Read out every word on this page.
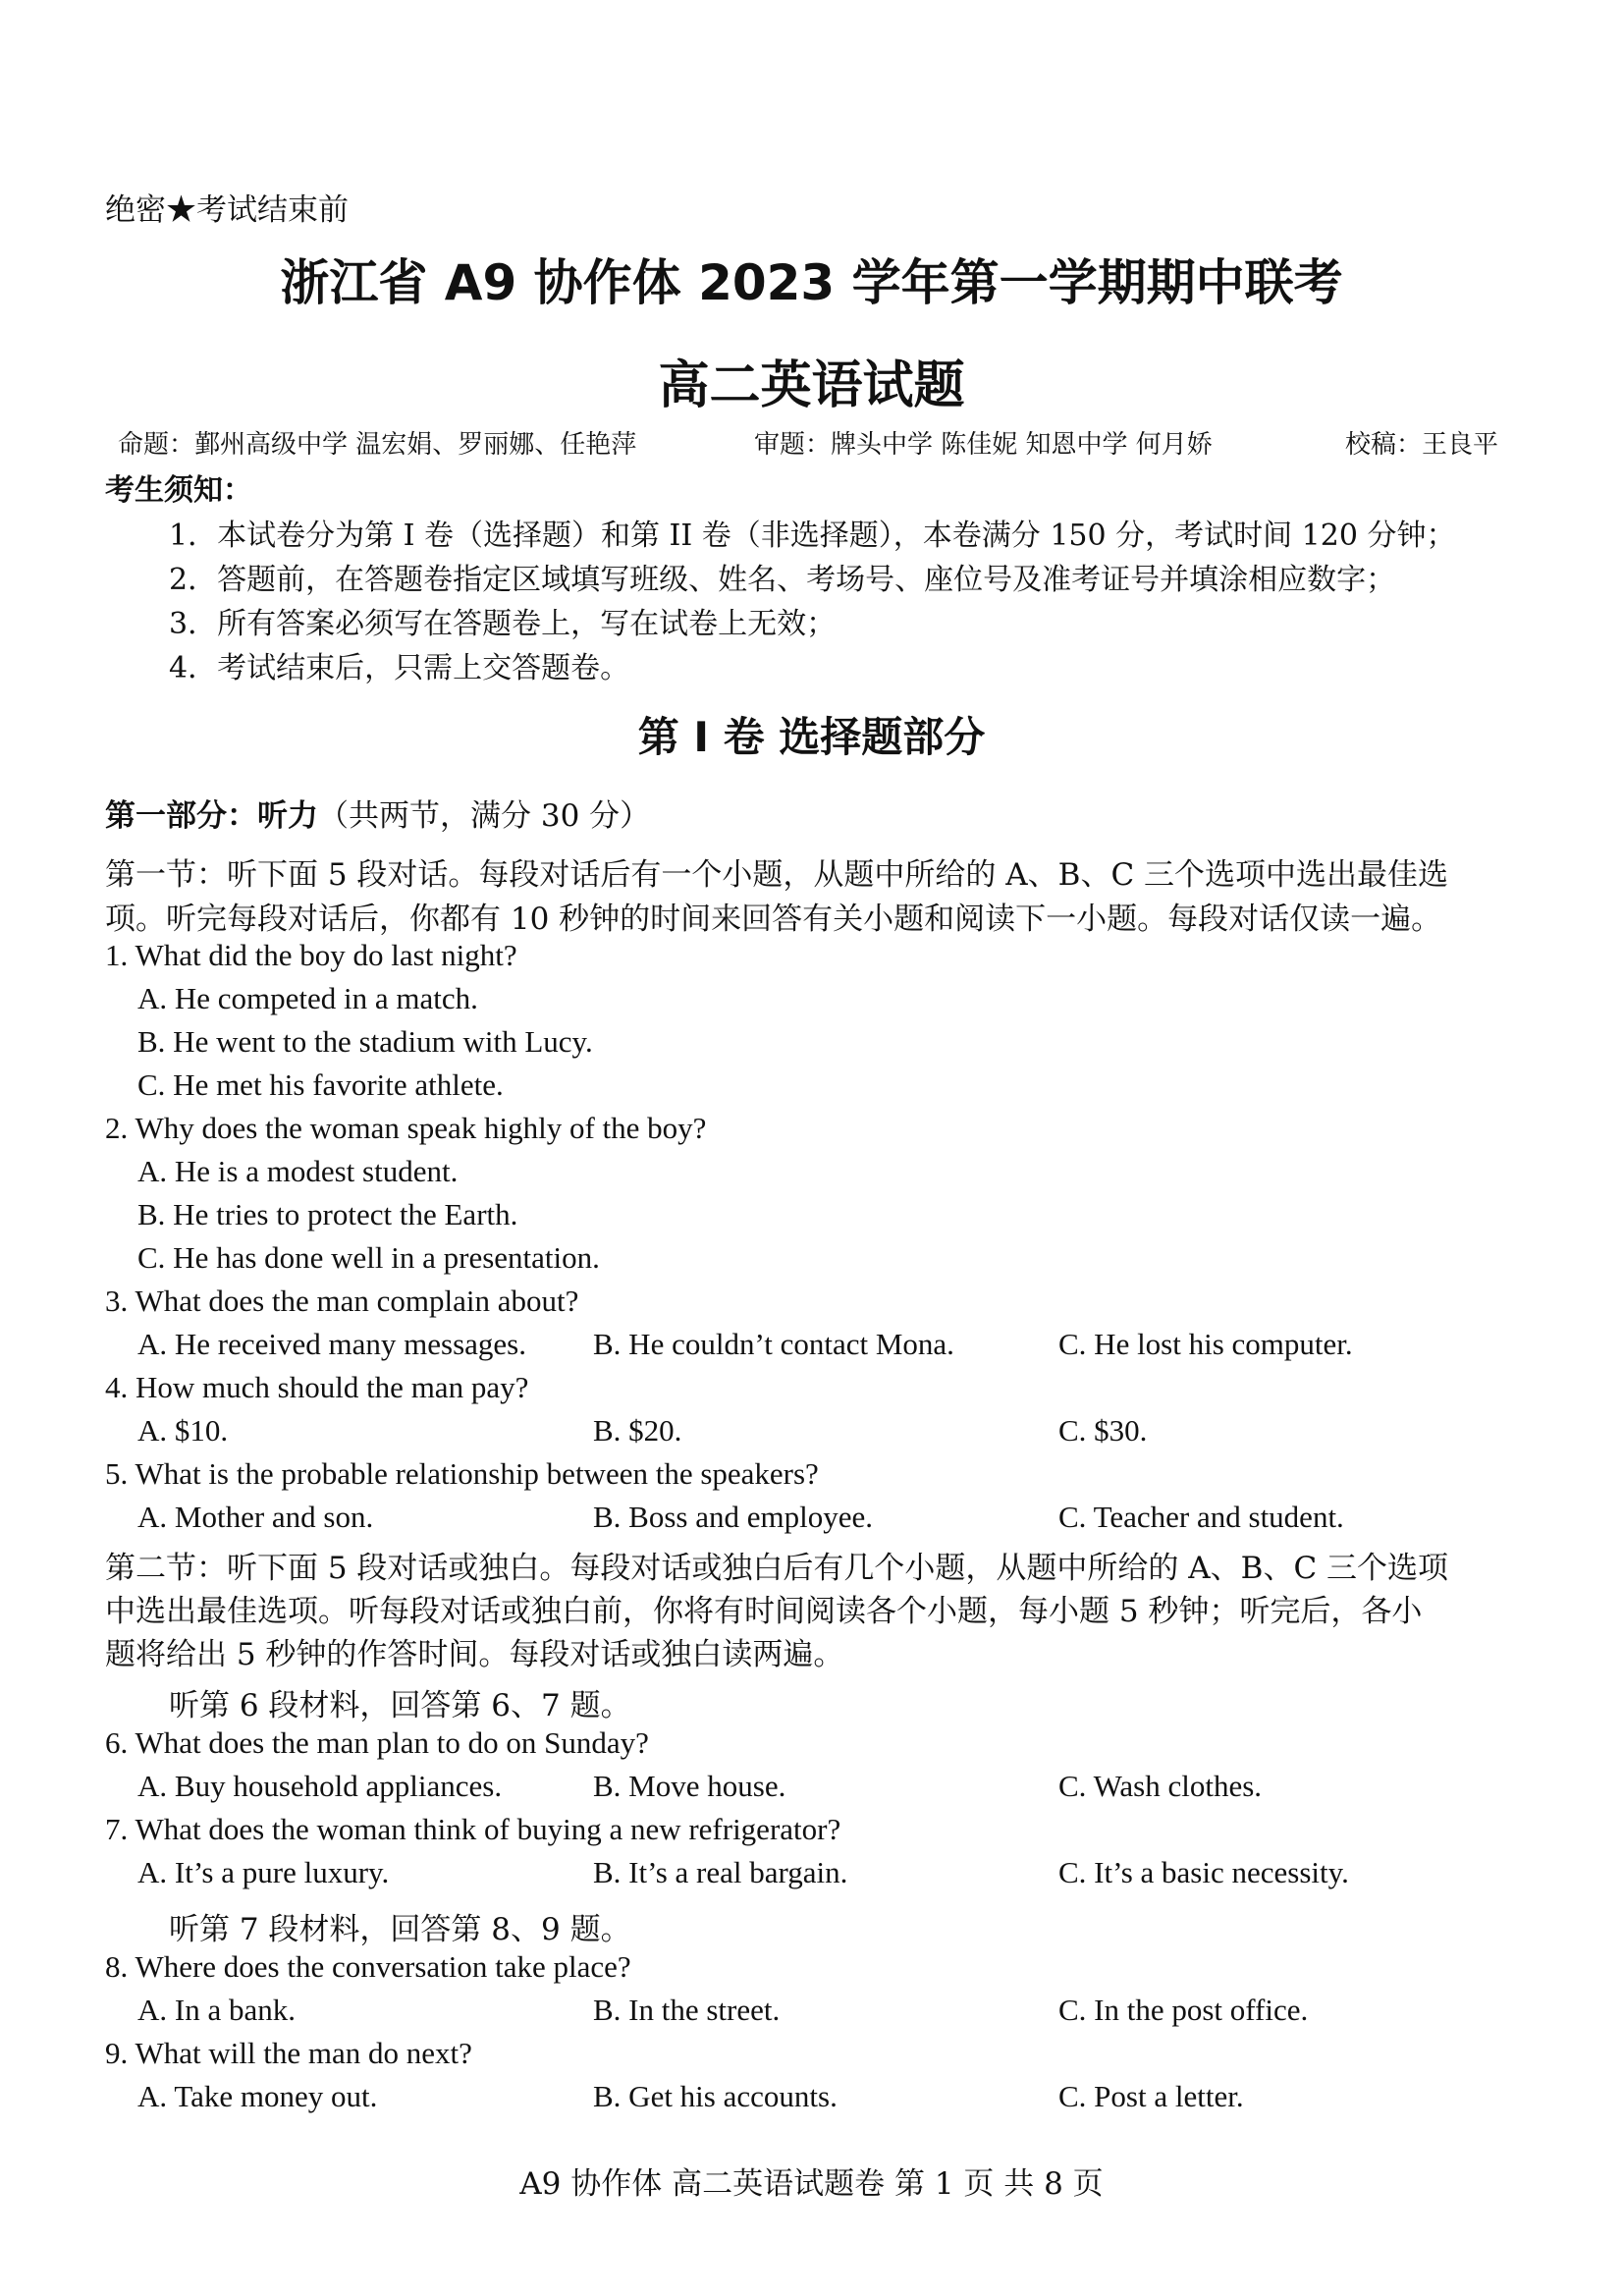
绝密★考试结束前
浙江省 A9 协作体 2023 学年第一学期期中联考
高二英语试题
命题：鄞州高级中学 温宏娟、罗丽娜、任艳萍	审题：牌头中学 陈佳妮 知恩中学 何月娇	校稿：王良平
考生须知：
1．本试卷分为第 I 卷（选择题）和第 II 卷（非选择题），本卷满分 150 分，考试时间 120 分钟；
2．答题前，在答题卷指定区域填写班级、姓名、考场号、座位号及准考证号并填涂相应数字；
3．所有答案必须写在答题卷上，写在试卷上无效；
4．考试结束后，只需上交答题卷。
第 I 卷 选择题部分
第一部分：听力（共两节，满分 30 分）
第一节：听下面 5 段对话。每段对话后有一个小题，从题中所给的 A、B、C 三个选项中选出最佳选
项。听完每段对话后，你都有 10 秒钟的时间来回答有关小题和阅读下一小题。每段对话仅读一遍。
1. What did the boy do last night?
A. He competed in a match.
B. He went to the stadium with Lucy.
C. He met his favorite athlete.
2. Why does the woman speak highly of the boy?
A. He is a modest student.
B. He tries to protect the Earth.
C. He has done well in a presentation.
3. What does the man complain about?
A. He received many messages. B. He couldn’t contact Mona.	C. He lost his computer.
4. How much should the man pay?
A. $10.	B. $20.	C. $30.
5. What is the probable relationship between the speakers?
A. Mother and son.	B. Boss and employee.	C. Teacher and student.
第二节：听下面 5 段对话或独白。每段对话或独白后有几个小题，从题中所给的 A、B、C 三个选项
中选出最佳选项。听每段对话或独白前，你将有时间阅读各个小题，每小题 5 秒钟；听完后，各小
题将给出 5 秒钟的作答时间。每段对话或独白读两遍。
听第 6 段材料，回答第 6、7 题。
6. What does the man plan to do on Sunday?
A. Buy household appliances.	B. Move house.	C. Wash clothes.
7. What does the woman think of buying a new refrigerator?
A. It’s a pure luxury.	B. It’s a real bargain.	C. It’s a basic necessity.
听第 7 段材料，回答第 8、9 题。
8. Where does the conversation take place?
A. In a bank.	B. In the street.	C. In the post office.
9. What will the man do next?
A. Take money out.	B. Get his accounts.	C. Post a letter.
A9 协作体 高二英语试题卷 第 1 页 共 8 页
